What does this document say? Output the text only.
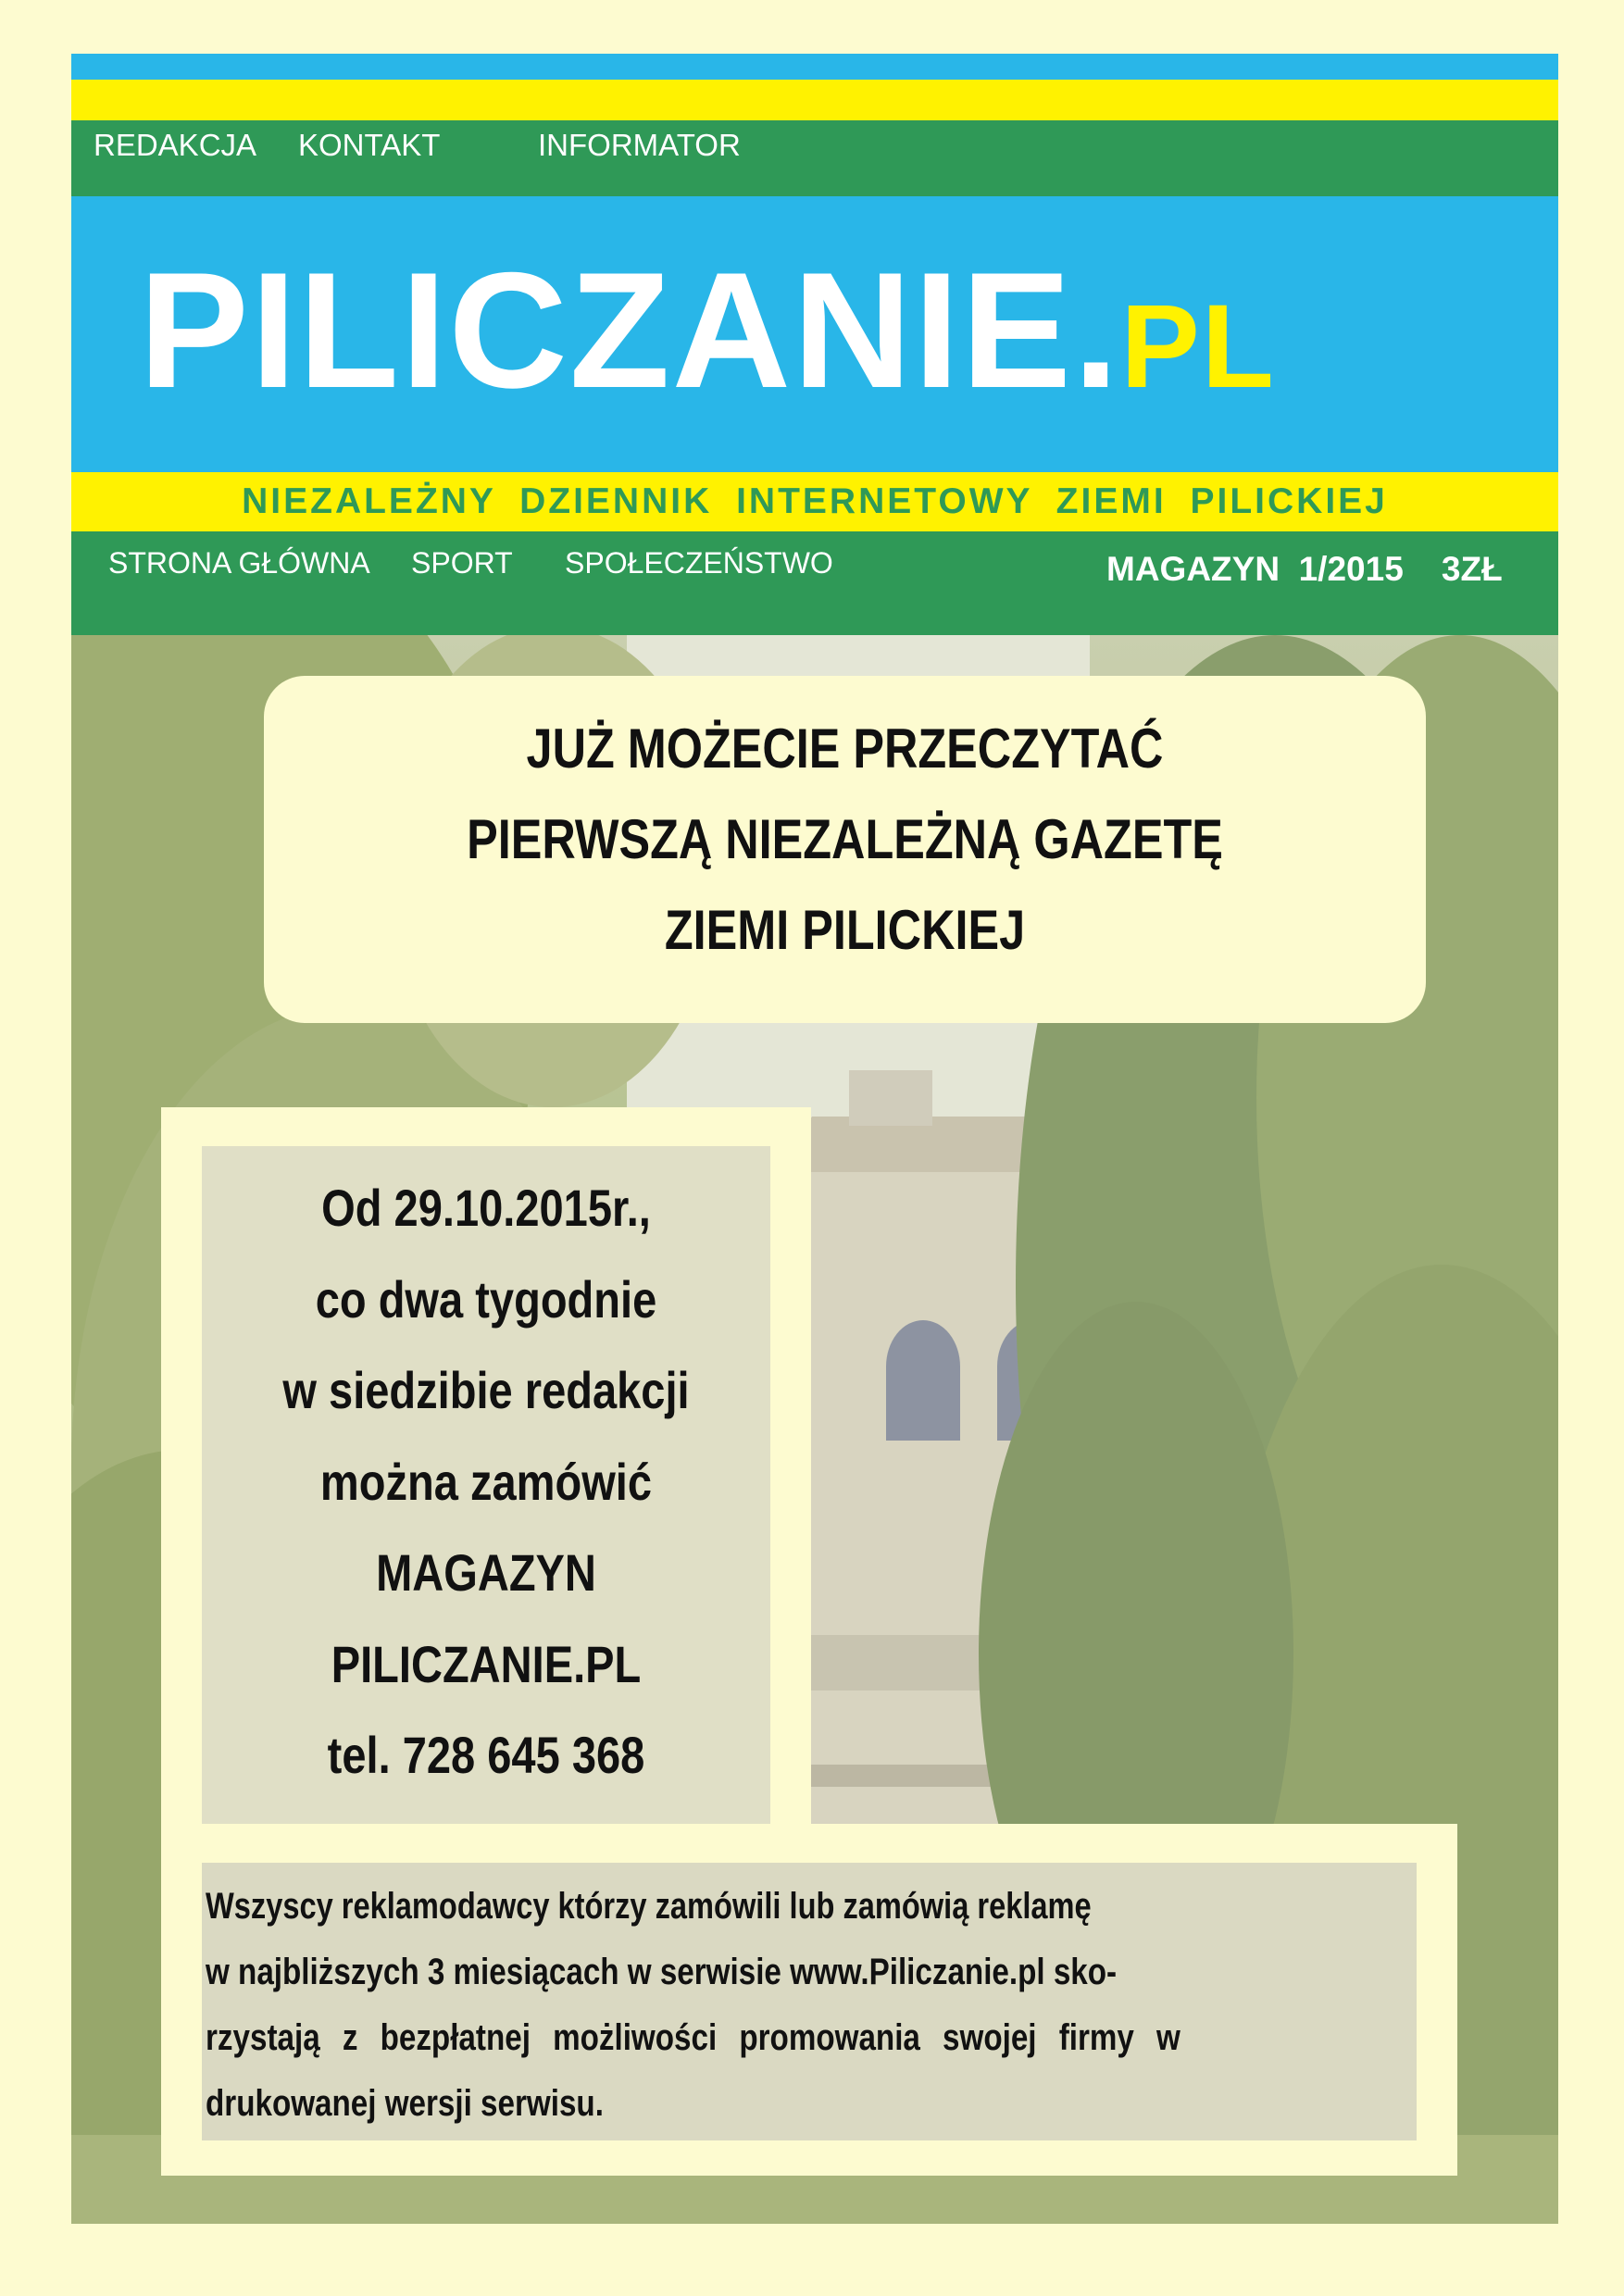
REDAKCJA KONTAKT	INFORMATOR
PILICZANIE.PL
NIEZALEŻNY DZIENNIK INTERNETOWY ZIEMI PILICKIEJ
STRONA GŁÓWNA SPORT SPOŁECZEŃSTWO	MAGAZYN  1/2015    3ZŁ
JUŻ MOŻECIE PRZECZYTAĆ
PIERWSZĄ NIEZALEŻNĄ GAZETĘ
ZIEMI PILICKIEJ
Od 29.10.2015r.,
co dwa tygodnie
w siedzibie redakcji
można zamówić
MAGAZYN
PILICZANIE.PL
tel. 728 645 368
Wszyscy reklamodawcy którzy zamówili lub zamówią reklamę
w najbliższych 3 miesiącach w serwisie www.Piliczanie.pl sko-
rzystają z bezpłatnej możliwości promowania swojej firmy w
drukowanej wersji serwisu.
